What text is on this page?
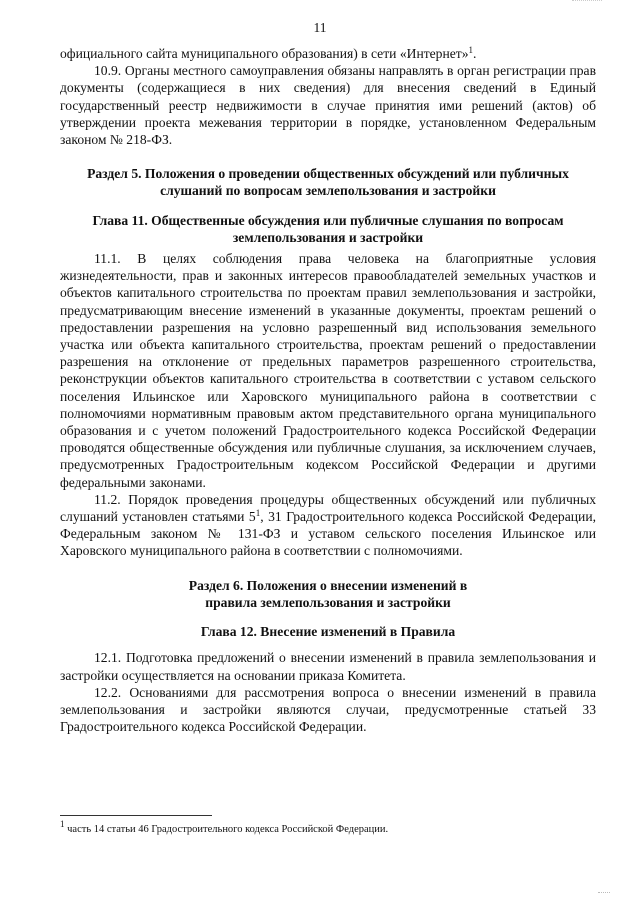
11

официального сайта муниципального образования) в сети «Интернет»$^1$.

10.9. Органы местного самоуправления обязаны направлять в орган регистрации прав документы (содержащиеся в них сведения) для внесения сведений в Единый государственный реестр недвижимости в случае принятия ими решений (актов) об утверждении проекта межевания территории в порядке, установленном Федеральным законом № 218-ФЗ.

Раздел 5. Положения о проведении общественных обсуждений или публичных
слушаний по вопросам землепользования и застройки
Глава 11. Общественные обсуждения или публичные слушания по вопросам
землепользования и застройки

11.1. В целях соблюдения права человека на благоприятные условия жизнедеятельности, прав и законных интересов правообладателей земельных участков и объектов капитального строительства по проектам правил землепользования и застройки, предусматривающим внесение изменений в указанные документы, проектам решений о предоставлении разрешения на условно разрешенный вид использования земельного участка или объекта капитального строительства, проектам решений о предоставлении разрешения на отклонение от предельных параметров разрешенного строительства, реконструкции объектов капитального строительства в соответствии с уставом сельского поселения Ильинское или Харовского муниципального района в соответствии с полномочиями нормативным правовым актом представительного органа муниципального образования и с учетом положений Градостроительного кодекса Российской Федерации проводятся общественные обсуждения или публичные слушания, за исключением случаев, предусмотренных Градостроительным кодексом Российской Федерации и другими федеральными законами.

11.2. Порядок проведения процедуры общественных обсуждений или публичных слушаний установлен статьями $5^1$, 31 Градостроительного кодекса Российской Федерации, Федеральным законом № 131-ФЗ и уставом сельского поселения Ильинское или Харовского муниципального района в соответствии с полномочиями.

Раздел 6. Положения о внесении изменений в
правила землепользования и застройки
Глава 12. Внесение изменений в Правила

12.1. Подготовка предложений о внесении изменений в правила землепользования и застройки осуществляется на основании приказа Комитета.

12.2. Основаниями для рассмотрения вопроса о внесении изменений в правила землепользования и застройки являются случаи, предусмотренные статьей 33 Градостроительного кодекса Российской Федерации.

$^1$ часть 14 статьи 46 Градостроительного кодекса Российской Федерации.
